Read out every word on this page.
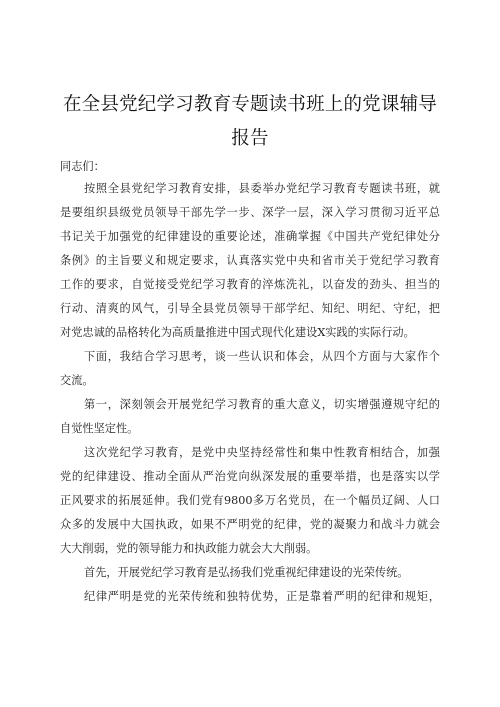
在全县党纪学习教育专题读书班上的党课辅导
报告
同志们：
按照全县党纪学习教育安排，县委举办党纪学习教育专题读书班，就
是要组织县级党员领导干部先学一步、深学一层，深入学习贯彻习近平总
书记关于加强党的纪律建设的重要论述，准确掌握《中国共产党纪律处分
条例》的主旨要义和规定要求，认真落实党中央和省市关于党纪学习教育
工作的要求，自觉接受党纪学习教育的淬炼洗礼，以奋发的劲头、担当的
行动、清爽的风气，引导全县党员领导干部学纪、知纪、明纪、守纪，把
对党忠诚的品格转化为高质量推进中国式现代化建设X实践的实际行动。
下面，我结合学习思考，谈一些认识和体会，从四个方面与大家作个
交流。
第一，深刻领会开展党纪学习教育的重大意义，切实增强遵规守纪的
自觉性坚定性。
这次党纪学习教育，是党中央坚持经常性和集中性教育相结合，加强
党的纪律建设、推动全面从严治党向纵深发展的重要举措，也是落实以学
正风要求的拓展延伸。我们党有9800多万名党员，在一个幅员辽阔、人口
众多的发展中大国执政，如果不严明党的纪律，党的凝聚力和战斗力就会
大大削弱，党的领导能力和执政能力就会大大削弱。
首先，开展党纪学习教育是弘扬我们党重视纪律建设的光荣传统。
纪律严明是党的光荣传统和独特优势，正是靠着严明的纪律和规矩，
